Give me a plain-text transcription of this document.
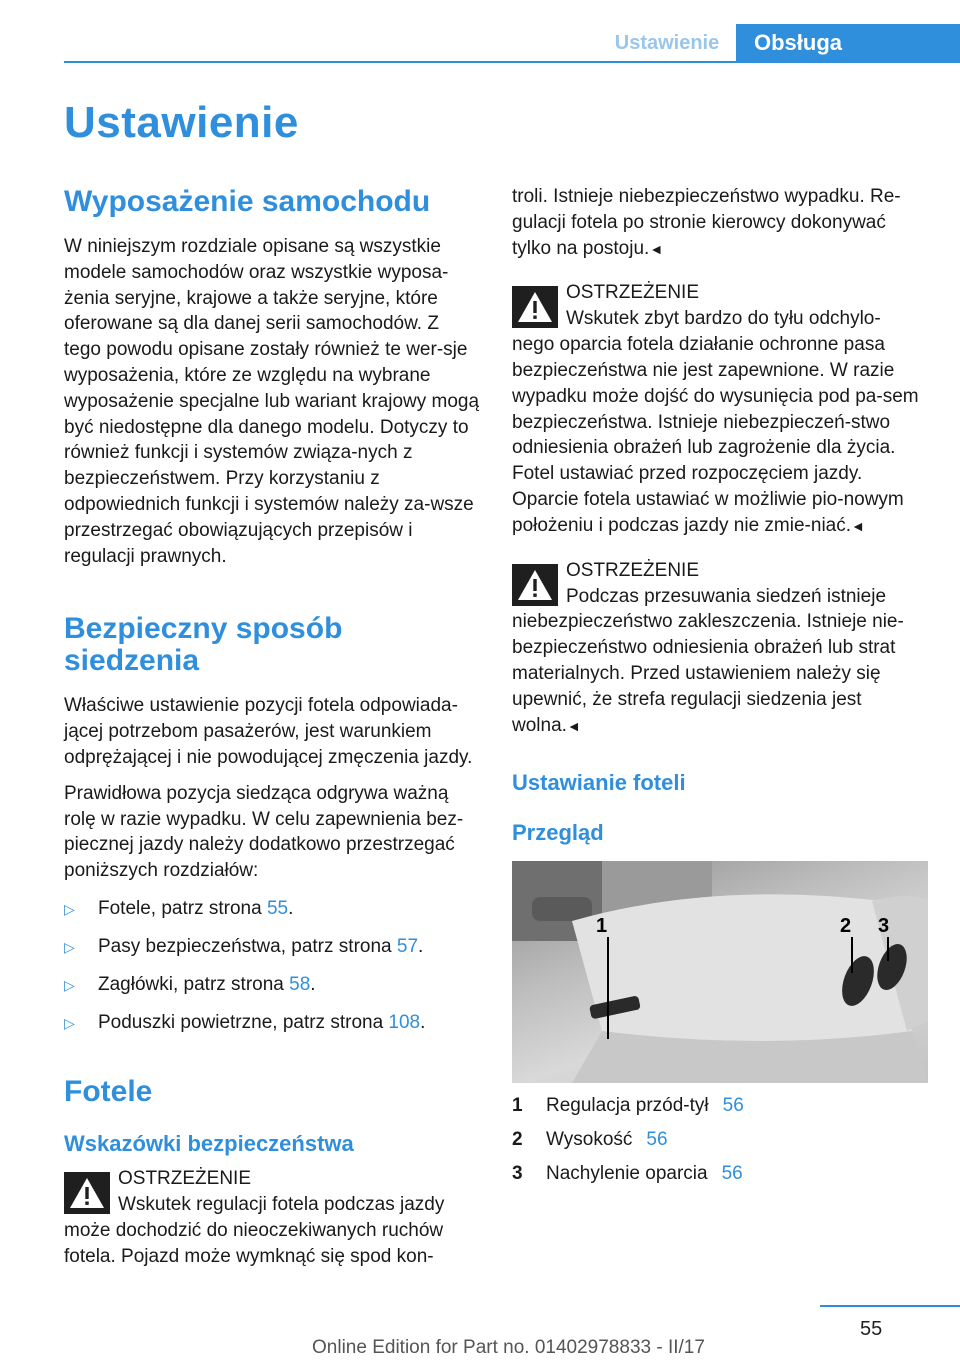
Ustawienie	Obsługa
Ustawienie
Wyposażenie samochodu

W niniejszym rozdziale opisane są wszystkie modele samochodów oraz wszystkie wyposa‐żenia seryjne, krajowe a także seryjne, które oferowane są dla danej serii samochodów. Z tego powodu opisane zostały również te wer‐sje wyposażenia, które ze względu na wybrane wyposażenie specjalne lub wariant krajowy mogą być niedostępne dla danego modelu. Dotyczy to również funkcji i systemów związa‐nych z bezpieczeństwem. Przy korzystaniu z odpowiednich funkcji i systemów należy za‐wsze przestrzegać obowiązujących przepisów i regulacji prawnych.

Bezpieczny sposób
siedzenia

Właściwe ustawienie pozycji fotela odpowiada‐jącej potrzebom pasażerów, jest warunkiem odprężającej i nie powodującej zmęczenia jazdy.

Prawidłowa pozycja siedząca odgrywa ważną rolę w razie wypadku. W celu zapewnienia bez‐piecznej jazdy należy dodatkowo przestrzegać poniższych rozdziałów:

▷ Fotele, patrz strona 55.
▷ Pasy bezpieczeństwa, patrz strona 57.
▷ Zagłówki, patrz strona 58.
▷ Poduszki powietrzne, patrz strona 108.
Fotele
Wskazówki bezpieczeństwa

OSTRZEŻENIE

Wskutek regulacji fotela podczas jazdy

może dochodzić do nieoczekiwanych ruchów fotela. Pojazd może wymknąć się spod kon‐

troli. Istnieje niebezpieczeństwo wypadku. Re‐gulacji fotela po stronie kierowcy dokonywać tylko na postoju.◄

OSTRZEŻENIE

Wskutek zbyt bardzo do tyłu odchylo‐

nego oparcia fotela działanie ochronne pasa bezpieczeństwa nie jest zapewnione. W razie wypadku może dojść do wysunięcia pod pa‐sem bezpieczeństwa. Istnieje niebezpieczeń‐stwo odniesienia obrażeń lub zagrożenie dla życia. Fotel ustawiać przed rozpoczęciem jazdy. Oparcie fotela ustawiać w możliwie pio‐nowym położeniu i podczas jazdy nie zmie‐niać.◄

OSTRZEŻENIE

Podczas przesuwania siedzeń istnieje

niebezpieczeństwo zakleszczenia. Istnieje nie‐bezpieczeństwo odniesienia obrażeń lub strat materialnych. Przed ustawieniem należy się upewnić, że strefa regulacji siedzenia jest wolna.◄

Ustawianie foteli
Przegląd
1	2 3
1	Regulacja przód-tył 56
2	Wysokość 56
3	Nachylenie oparcia 56
55
Online Edition for Part no. 01402978833 - II/17
